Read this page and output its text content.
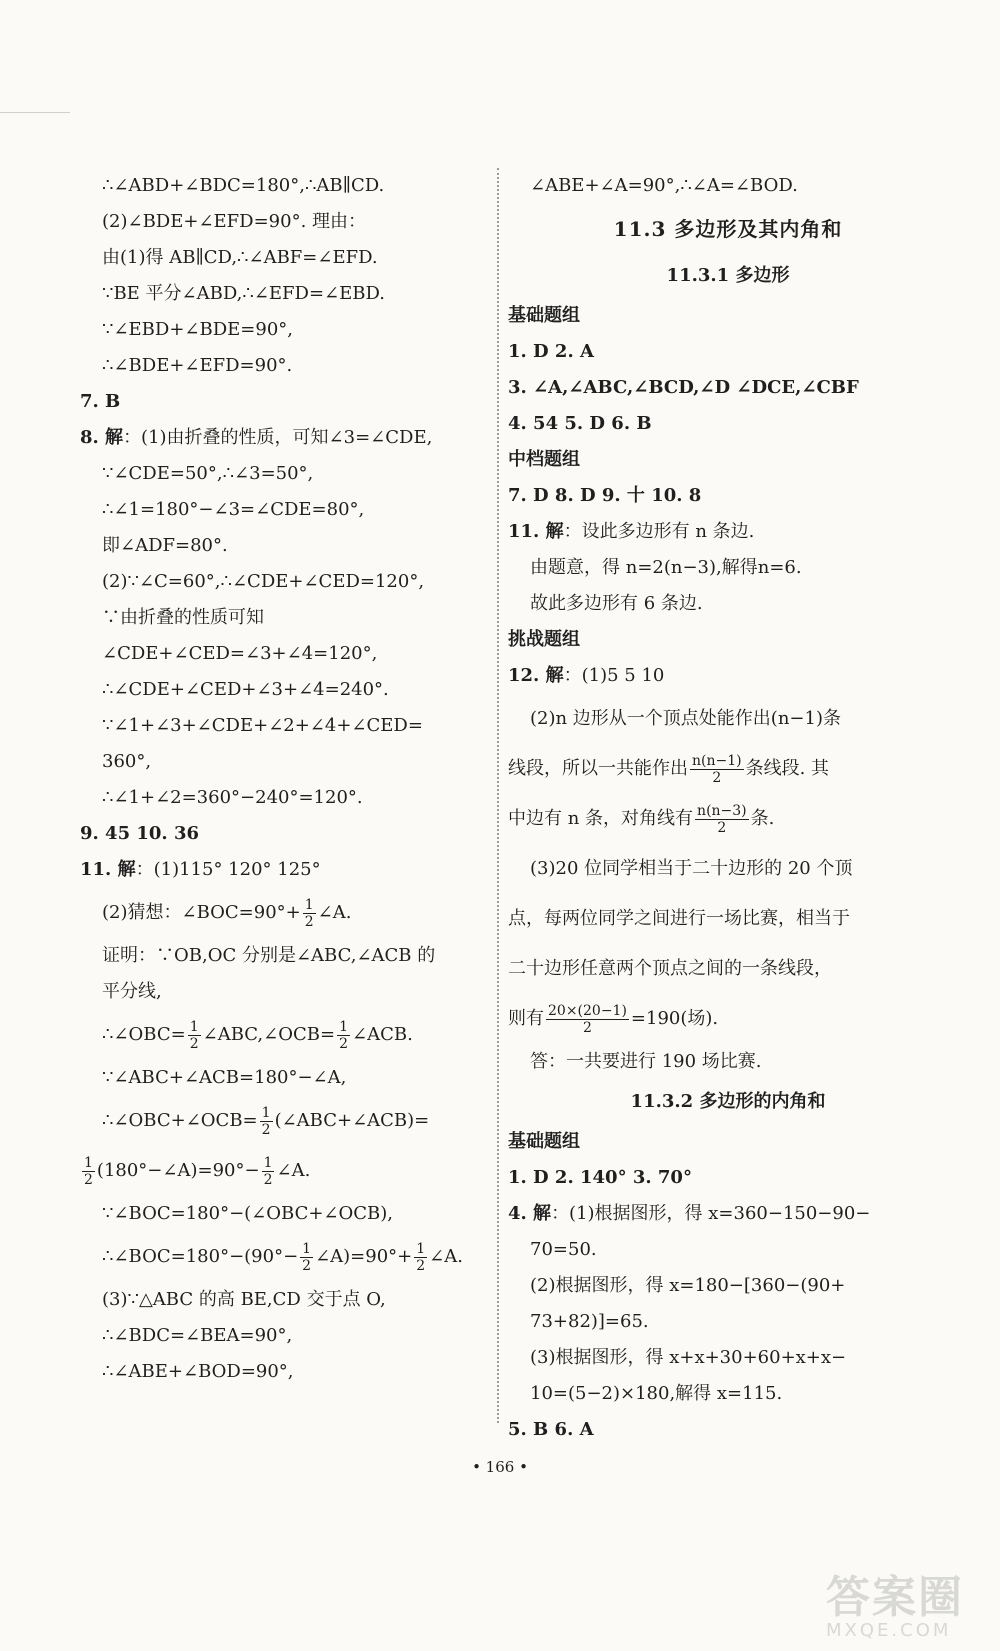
∴∠ABD+∠BDC=180°,∴AB∥CD.
(2)∠BDE+∠EFD=90°. 理由：
由(1)得 AB∥CD,∴∠ABF=∠EFD.
∵BE 平分∠ABD,∴∠EFD=∠EBD.
∵∠EBD+∠BDE=90°,
∴∠BDE+∠EFD=90°.
7. B
8. 解：(1)由折叠的性质，可知∠3=∠CDE,
∵∠CDE=50°,∴∠3=50°,
∴∠1=180°−∠3=∠CDE=80°,
即∠ADF=80°.
(2)∵∠C=60°,∴∠CDE+∠CED=120°,
∵由折叠的性质可知
∠CDE+∠CED=∠3+∠4=120°,
∴∠CDE+∠CED+∠3+∠4=240°.
∵∠1+∠3+∠CDE+∠2+∠4+∠CED=
360°,
∴∠1+∠2=360°−240°=120°.
9. 45 10. 36
11. 解：(1)115° 120° 125°
(2)猜想：∠BOC=90°+ $\frac{1}{2}$ ∠A.
证明：∵OB,OC 分别是∠ABC,∠ACB 的
平分线,
∴∠OBC= $\frac{1}{2}$ ∠ABC,∠OCB= $\frac{1}{2}$ ∠ACB.
∵∠ABC+∠ACB=180°−∠A,
∴∠OBC+∠OCB= $\frac{1}{2}$ (∠ABC+∠ACB)=
$\frac{1}{2}$ (180°−∠A)=90°− $\frac{1}{2}$ ∠A.
∵∠BOC=180°−(∠OBC+∠OCB),
∴∠BOC=180°−(90°− $\frac{1}{2}$ ∠A)=90°+ $\frac{1}{2}$ ∠A.
(3)∵△ABC 的高 BE,CD 交于点 O,
∴∠BDC=∠BEA=90°,
∴∠ABE+∠BOD=90°,
∠ABE+∠A=90°,∴∠A=∠BOD.
11.3 多边形及其内角和
11.3.1 多边形
基础题组
1. D 2. A
3. ∠A,∠ABC,∠BCD,∠D ∠DCE,∠CBF
4. 54 5. D 6. B
中档题组
7. D 8. D 9. 十 10. 8
11. 解：设此多边形有 n 条边.
由题意，得 n=2(n−3),解得n=6.
故此多边形有 6 条边.
挑战题组
12. 解：(1)5 5 10
(2)n 边形从一个顶点处能作出(n−1)条
线段，所以一共能作出 $\frac{n(n-1)}{2}$ 条线段. 其
中边有 n 条，对角线有 $\frac{n(n-3)}{2}$ 条.
(3)20 位同学相当于二十边形的 20 个顶
点，每两位同学之间进行一场比赛，相当于
二十边形任意两个顶点之间的一条线段，
则有 $\frac{20\times(20-1)}{2} =190$(场).
答：一共要进行 190 场比赛.
11.3.2 多边形的内角和
基础题组
1. D 2. 140° 3. 70°
4. 解：(1)根据图形，得 x=360−150−90−
70=50.
(2)根据图形，得 x=180−[360−(90+
73+82)]=65.
(3)根据图形，得 x+x+30+60+x+x−
10=(5−2)×180,解得 x=115.
5. B 6. A
• 166 •
答案圈
MXQE.COM
